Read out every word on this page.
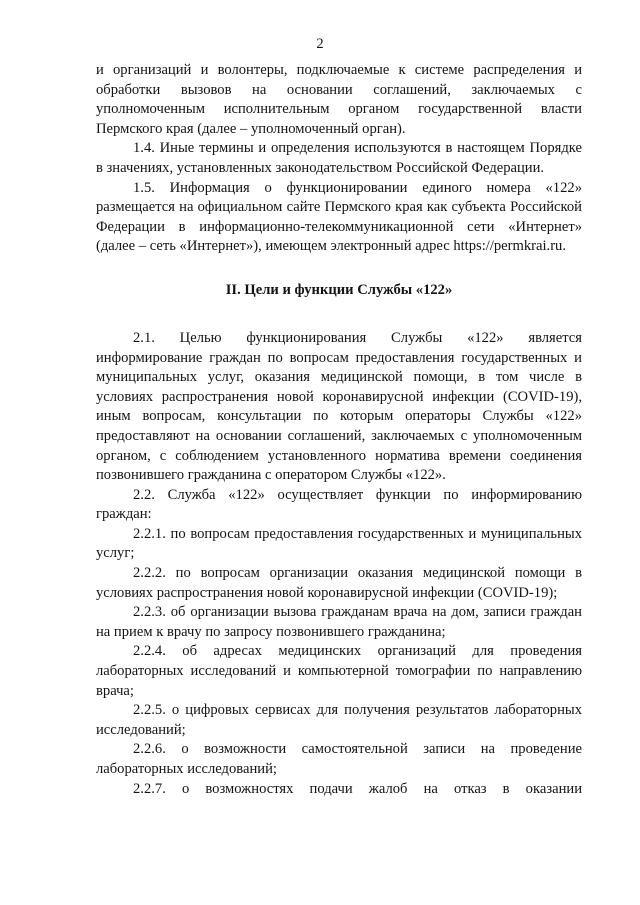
2

и организаций и волонтеры, подключаемые к системе распределения и обработки вызовов на основании соглашений, заключаемых с уполномоченным исполнительным органом государственной власти Пермского края (далее – уполномоченный орган).

1.4. Иные термины и определения используются в настоящем Порядке в значениях, установленных законодательством Российской Федерации.

1.5. Информация о функционировании единого номера «122» размещается на официальном сайте Пермского края как субъекта Российской Федерации в информационно-телекоммуникационной сети «Интернет» (далее – сеть «Интернет»), имеющем электронный адрес https://permkrai.ru.

II. Цели и функции Службы «122»

2.1. Целью функционирования Службы «122» является информирование граждан по вопросам предоставления государственных и муниципальных услуг, оказания медицинской помощи, в том числе в условиях распространения новой коронавирусной инфекции (COVID-19), иным вопросам, консультации по которым операторы Службы «122» предоставляют на основании соглашений, заключаемых с уполномоченным органом, с соблюдением установленного норматива времени соединения позвонившего гражданина с оператором Службы «122».

2.2. Служба «122» осуществляет функции по информированию граждан:

2.2.1. по вопросам предоставления государственных и муниципальных услуг;

2.2.2. по вопросам организации оказания медицинской помощи в условиях распространения новой коронавирусной инфекции (COVID-19);

2.2.3. об организации вызова гражданам врача на дом, записи граждан на прием к врачу по запросу позвонившего гражданина;

2.2.4. об адресах медицинских организаций для проведения лабораторных исследований и компьютерной томографии по направлению врача;

2.2.5. о цифровых сервисах для получения результатов лабораторных исследований;

2.2.6. о возможности самостоятельной записи на проведение лабораторных исследований;

2.2.7. о возможностях подачи жалоб на отказ в оказании
